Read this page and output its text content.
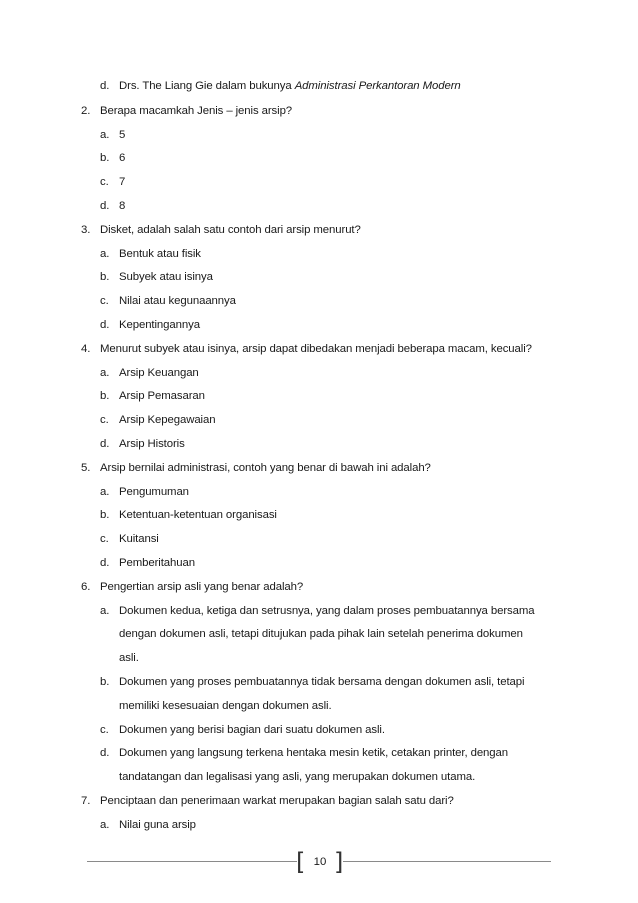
d. Drs. The Liang Gie dalam bukunya Administrasi Perkantoran Modern
2. Berapa macamkah Jenis – jenis arsip?
a. 5
b. 6
c. 7
d. 8
3. Disket, adalah salah satu contoh dari arsip menurut?
a. Bentuk atau fisik
b. Subyek atau isinya
c. Nilai atau kegunaannya
d. Kepentingannya
4. Menurut subyek atau isinya, arsip dapat dibedakan menjadi beberapa macam, kecuali?
a. Arsip Keuangan
b. Arsip Pemasaran
c. Arsip Kepegawaian
d. Arsip Historis
5. Arsip bernilai administrasi, contoh yang benar di bawah ini adalah?
a. Pengumuman
b. Ketentuan-ketentuan organisasi
c. Kuitansi
d. Pemberitahuan
6. Pengertian arsip asli yang benar adalah?
a. Dokumen kedua, ketiga dan setrusnya, yang dalam proses pembuatannya bersama
dengan dokumen asli, tetapi ditujukan pada pihak lain setelah penerima dokumen
asli.
b. Dokumen yang proses pembuatannya tidak bersama dengan dokumen asli, tetapi
memiliki kesesuaian dengan dokumen asli.
c. Dokumen yang berisi bagian dari suatu dokumen asli.
d. Dokumen yang langsung terkena hentaka mesin ketik, cetakan printer, dengan
tandatangan dan legalisasi yang asli, yang merupakan dokumen utama.
7. Penciptaan dan penerimaan warkat merupakan bagian salah satu dari?
a. Nilai guna arsip
[ 10 ]
